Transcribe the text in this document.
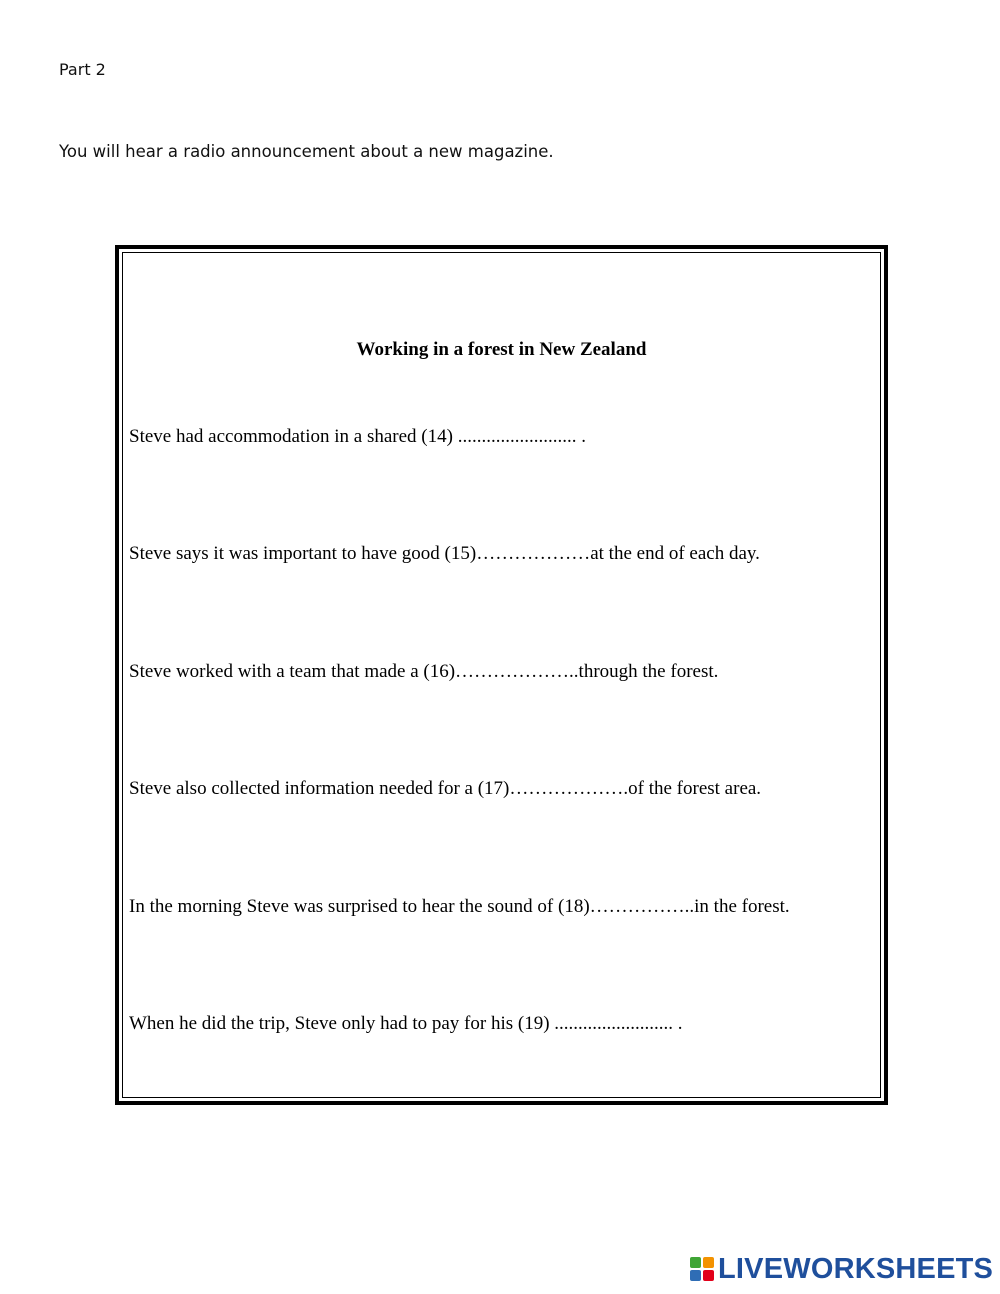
Part 2
You will hear a radio announcement about a new magazine.
Working in a forest in New Zealand
Steve had accommodation in a shared (14) ......................... .
Steve says it was important to have good (15)………………at the end of each day.
Steve worked with a team that made a (16)………………..through the forest.
Steve also collected information needed for a (17)……………….of the forest area.
In the morning Steve was surprised to hear the sound of (18)……………..in the forest.
When he did the trip, Steve only had to pay for his (19) ......................... .
LIVEWORKSHEETS
